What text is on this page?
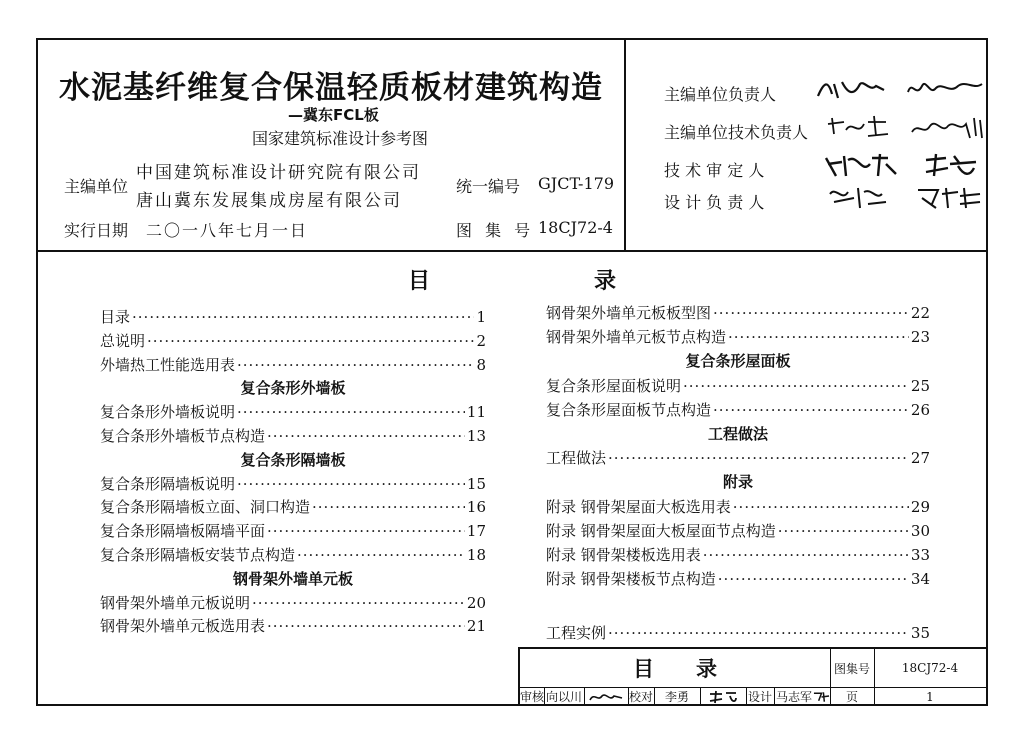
水泥基纤维复合保温轻质板材建筑构造
—冀东FCL板
国家建筑标准设计参考图
主编单位
中国建筑标准设计研究院有限公司
唐山冀东发展集成房屋有限公司
统一编号 GJCT-179
实行日期 二〇一八年七月一日	图 集 号 18CJ72-4
主编单位负责人
主编单位技术负责人
技 术 审 定 人
设 计 负 责 人
目	录
目录 ·····	1
总说明 ·····	2
外墙热工性能选用表 ·····	8
复合条形外墙板
复合条形外墙板说明 ·····	11
复合条形外墙板节点构造 ·····	13
复合条形隔墙板
复合条形隔墙板说明 ·····	15
复合条形隔墙板立面、洞口构造 ·····	16
复合条形隔墙板隔墙平面 ·····	17
复合条形隔墙板安装节点构造 ·····	18
钢骨架外墙单元板
钢骨架外墙单元板说明 ·····	20
钢骨架外墙单元板选用表 ·····	21
钢骨架外墙单元板板型图 ·····	22
钢骨架外墙单元板节点构造 ·····	23
复合条形屋面板
复合条形屋面板说明 ·····	25
复合条形屋面板节点构造 ·····	26
工程做法
工程做法 ·····	27
附录
附录 钢骨架屋面大板选用表 ·····	29
附录 钢骨架屋面大板屋面节点构造 ·····	30
附录 钢骨架楼板选用表 ·····	33
附录 钢骨架楼板节点构造 ·····	34
工程实例 ·····	35
目　　录	图集号	18CJ72-4
审核 向以川	校对 李勇	设计 马志军	页	1
